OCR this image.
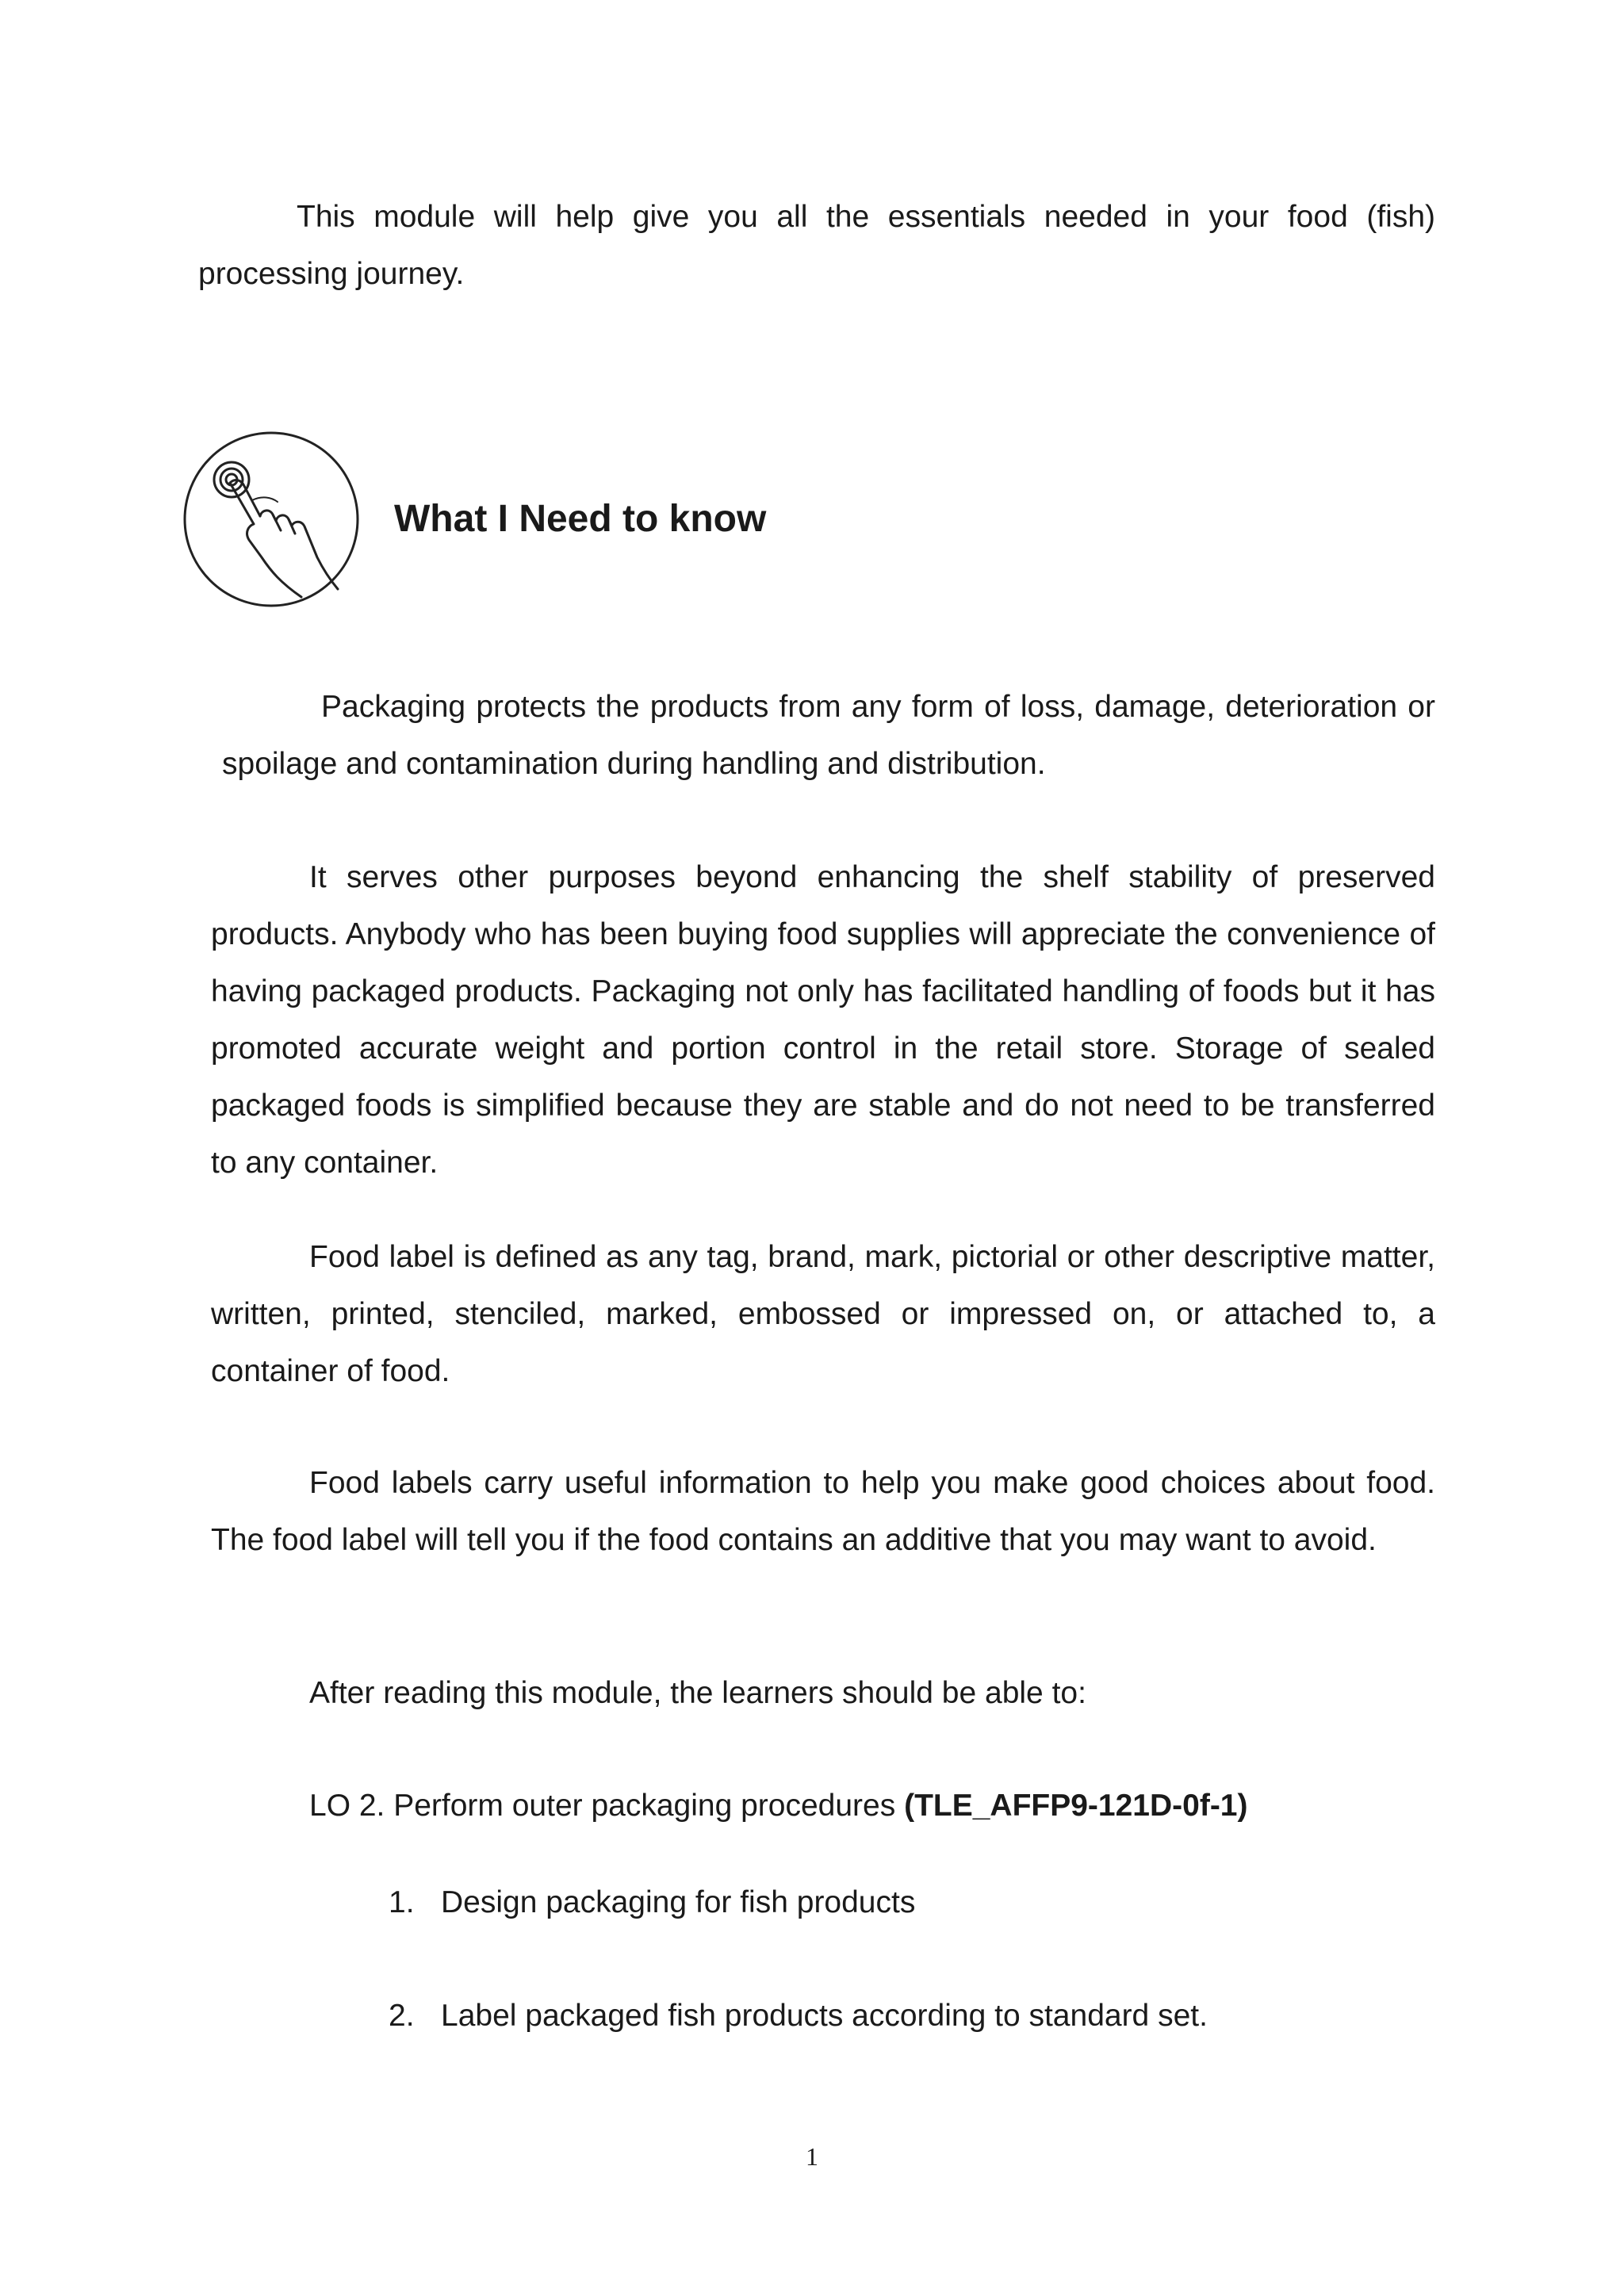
This module will help give you all the essentials needed in your food (fish) processing journey.

What I Need to know

Packaging protects the products from any form of loss, damage, deterioration or spoilage and contamination during handling and distribution.

It serves other purposes beyond enhancing the shelf stability of preserved products. Anybody who has been buying food supplies will appreciate the convenience of having packaged products. Packaging not only has facilitated handling of foods but it has promoted accurate weight and portion control in the retail store. Storage of sealed packaged foods is simplified because they are stable and do not need to be transferred to any container.

Food label is defined as any tag, brand, mark, pictorial or other descriptive matter, written, printed, stenciled, marked, embossed or impressed on, or attached to, a container of food.

Food labels carry useful information to help you make good choices about food. The food label will tell you if the food contains an additive that you may want to avoid.

After reading this module, the learners should be able to:

LO 2. Perform outer packaging procedures (TLE_AFFP9-121D-0f-1)

1. Design packaging for fish products

2. Label packaged fish products according to standard set.

1
